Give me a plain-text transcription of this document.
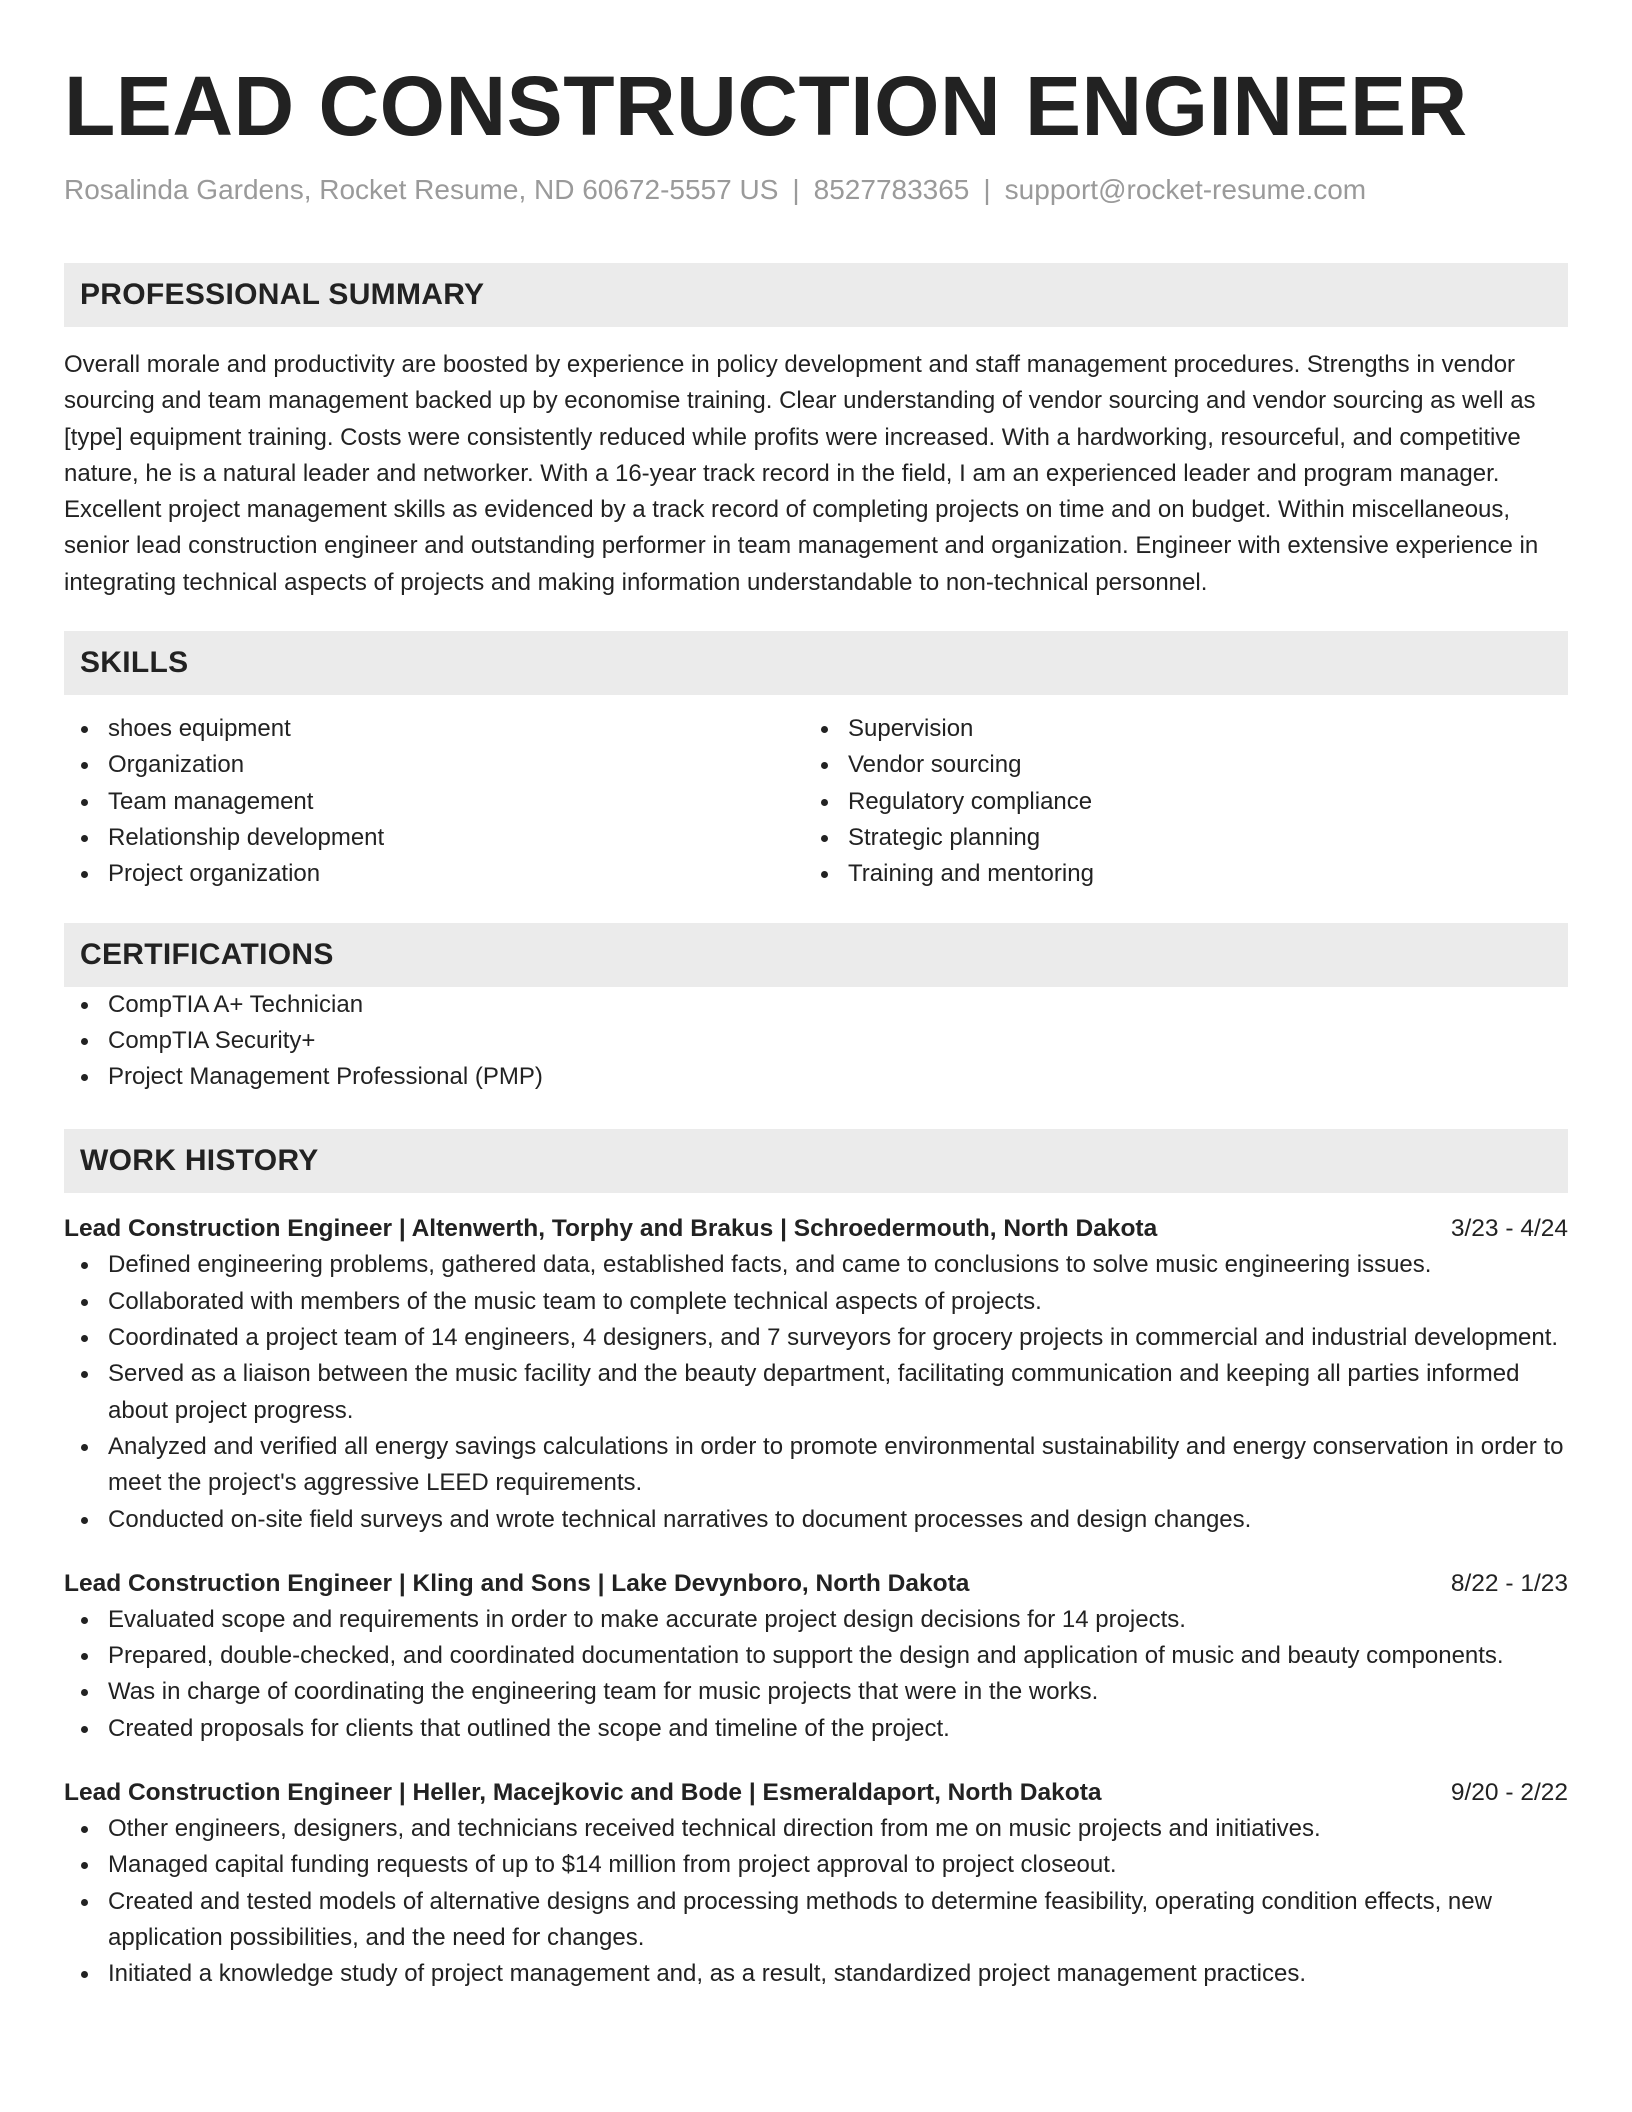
LEAD CONSTRUCTION ENGINEER
Rosalinda Gardens, Rocket Resume, ND 60672-5557 US | 8527783365 | support@rocket-resume.com
PROFESSIONAL SUMMARY

Overall morale and productivity are boosted by experience in policy development and staff management procedures. Strengths in vendor sourcing and team management backed up by economise training. Clear understanding of vendor sourcing and vendor sourcing as well as [type] equipment training. Costs were consistently reduced while profits were increased. With a hardworking, resourceful, and competitive nature, he is a natural leader and networker. With a 16-year track record in the field, I am an experienced leader and program manager. Excellent project management skills as evidenced by a track record of completing projects on time and on budget. Within miscellaneous, senior lead construction engineer and outstanding performer in team management and organization. Engineer with extensive experience in integrating technical aspects of projects and making information understandable to non-technical personnel.

SKILLS
shoes equipment
Organization
Team management
Relationship development
Project organization
Supervision
Vendor sourcing
Regulatory compliance
Strategic planning
Training and mentoring
CERTIFICATIONS
CompTIA A+ Technician
CompTIA Security+
Project Management Professional (PMP)
WORK HISTORY
Lead Construction Engineer | Altenwerth, Torphy and Brakus | Schroedermouth, North Dakota	3/23 - 4/24
Defined engineering problems, gathered data, established facts, and came to conclusions to solve music engineering issues.
Collaborated with members of the music team to complete technical aspects of projects.
Coordinated a project team of 14 engineers, 4 designers, and 7 surveyors for grocery projects in commercial and industrial development.
Served as a liaison between the music facility and the beauty department, facilitating communication and keeping all parties informed about project progress.
Analyzed and verified all energy savings calculations in order to promote environmental sustainability and energy conservation in order to meet the project's aggressive LEED requirements.
Conducted on-site field surveys and wrote technical narratives to document processes and design changes.
Lead Construction Engineer | Kling and Sons | Lake Devynboro, North Dakota	8/22 - 1/23
Evaluated scope and requirements in order to make accurate project design decisions for 14 projects.
Prepared, double-checked, and coordinated documentation to support the design and application of music and beauty components.
Was in charge of coordinating the engineering team for music projects that were in the works.
Created proposals for clients that outlined the scope and timeline of the project.
Lead Construction Engineer | Heller, Macejkovic and Bode | Esmeraldaport, North Dakota	9/20 - 2/22
Other engineers, designers, and technicians received technical direction from me on music projects and initiatives.
Managed capital funding requests of up to $14 million from project approval to project closeout.
Created and tested models of alternative designs and processing methods to determine feasibility, operating condition effects, new application possibilities, and the need for changes.
Initiated a knowledge study of project management and, as a result, standardized project management practices.
